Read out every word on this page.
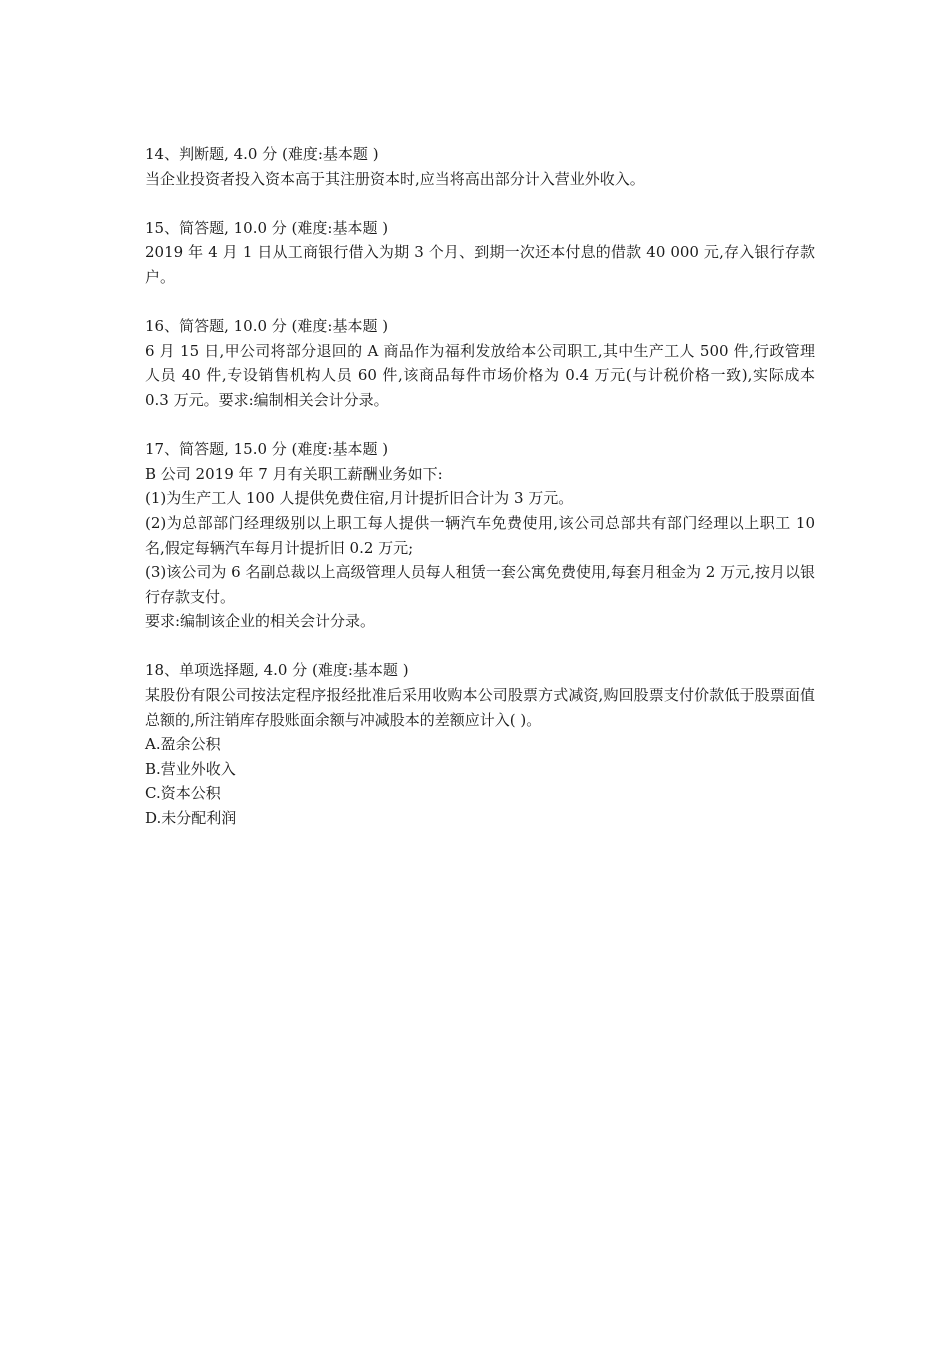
14、判断题, 4.0 分 (难度:基本题 )
当企业投资者投入资本高于其注册资本时,应当将高出部分计入营业外收入。
15、简答题, 10.0 分 (难度:基本题 )
2019 年 4 月 1 日从工商银行借入为期 3 个月、到期一次还本付息的借款 40 000 元,存入银行存款户。
16、简答题, 10.0 分 (难度:基本题 )
6 月 15 日,甲公司将部分退回的 A 商品作为福利发放给本公司职工,其中生产工人 500 件,行政管理人员 40 件,专设销售机构人员 60 件,该商品每件市场价格为 0.4 万元(与计税价格一致),实际成本 0.3 万元。要求:编制相关会计分录。
17、简答题, 15.0 分 (难度:基本题 )
B 公司 2019 年 7 月有关职工薪酬业务如下:
(1)为生产工人 100 人提供免费住宿,月计提折旧合计为 3 万元。
(2)为总部部门经理级别以上职工每人提供一辆汽车免费使用,该公司总部共有部门经理以上职工 10 名,假定每辆汽车每月计提折旧 0.2 万元;
(3)该公司为 6 名副总裁以上高级管理人员每人租赁一套公寓免费使用,每套月租金为 2 万元,按月以银行存款支付。
要求:编制该企业的相关会计分录。
18、单项选择题, 4.0 分 (难度:基本题 )
某股份有限公司按法定程序报经批准后采用收购本公司股票方式减资,购回股票支付价款低于股票面值总额的,所注销库存股账面余额与冲减股本的差额应计入( )。
A.盈余公积
B.营业外收入
C.资本公积
D.未分配利润
